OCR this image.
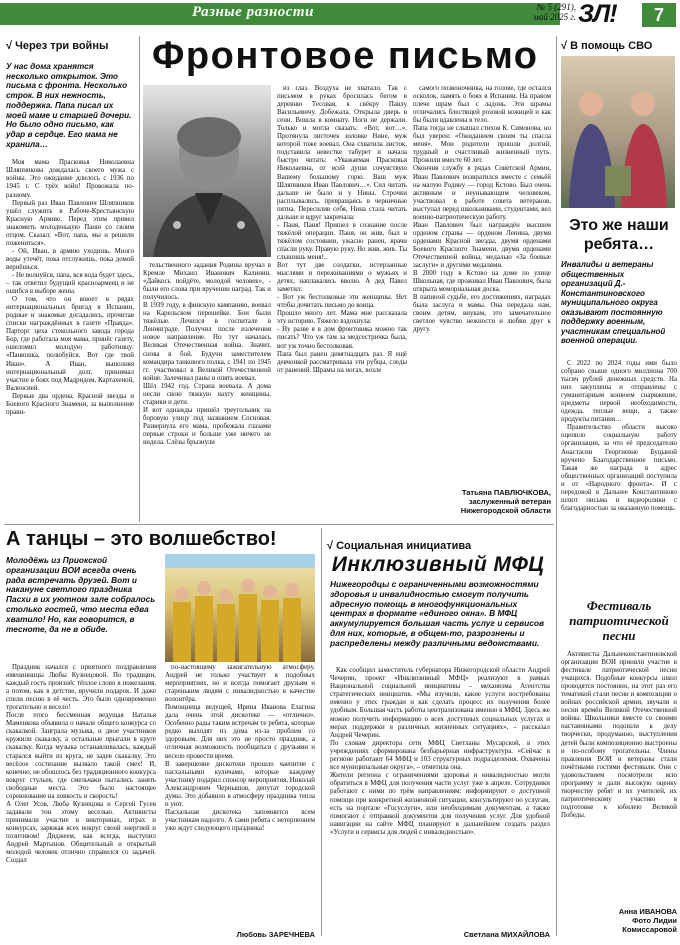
Разные разности	№ 5 (291),
май 2025 г. ЗЛ!	7
√ Через три войны
У нас дома хранятся несколько открыток. Это письма с фронта. Несколько строк. В них нежность, поддержка. Папа писал их моей маме и старшей дочери. Но было одно письмо, как удар в сердце. Его мама не хранила…

Моя мама Прасковья Николаевна Шляпникова дождалась своего мужа с войны. Это ожидание длилось с 1936 по 1945 г. С трёх войн! Провожала по-разному.

Первый раз Иван Павлович Шляпников ушёл служить в Рабоче-Крестьянскую Красную Армию. Перед этим привел знакомить молоденькую Паню со своим отцом. Сказал: «Вот, папа, мы и решили пожениться».

- Ой, Иван, в армию уходишь. Много воды утечёт, пока отслужишь, пока домой вернёшься.

- Не волнуйся, папа, вся вода будет здесь, – так ответил будущий красноармеец и не ошибся в выборе жены.

О том, что он воюет в рядах интернациональных бригад в Испании, родные и знакомые догадались, прочитав списки награждённых в газете «Правда». Парторг цеха стекольного завода города Бор, где работала моя мама, принёс газету, ошеломил молодую работницу: «Панюшка, полюбуйся. Вот где твой Иван». А Иван, выполняя интернациональный долг, принимал участие в боях под Мадридом, Картахеной, Валенсией.

Первые два ордена, Красной звезды и Боевого Красного Знамени, за выполнение прави-

Фронтовое письмо
тельственного задания Родины вручал в Кремле Михаил Иванович Калинин. «Дайкось пойдёте, молодой человек», - были его слова при вручении наград. Так и получилось.
В 1939 году, в финскую кампанию, воевал на Карельском перешейке. Бои были тяжёлые. Лечился в госпитале в Ленинграде. Получил после излечения новое направление. Но тут началась Великая Отечественная война. Значит, снова в бой. Будучи заместителем командира танкового полка, с 1941 по 1945 гг. участвовал в Великой Отечественной войне. Залечивал раны и опять воевал.
Шёл 1942 год. Страна воевала. А дома несли свою тяжкую вахту женщины, старики и дети.
И вот однажды пришёл треугольник на боровую улицу под названием Сосновая. Развернула его мама, пробежала глазами первые строки и больше уже ничего не видела. Слёзы брызнули
из глаз. Воздуха не хватало. Так с письмом в руках бросилась бегом в деревню Тесовая, к свёкру Павлу Васильевичу. Добежала. Открыла дверь в сени. Вошла в комнату. Ноги не держали. Только и могла сказать: «Вот, вот…». Протянула листочек золовке Нине, муж которой тоже воевал. Она схватила листок, подставила невестке табурет и начала быстро читать: «Уважаемая Прасковья Николаевна, от всей души сочувствую Вашему большому горю. Ваш муж Шляпников Иван Павлович…». Сил читать дальше не было и у Нины. Строчки расплывались, превращаясь в черничные пятна. Пересилив себя, Нина стала читать дальше и вдруг закричала:
- Паня, Паня! Пришел в сознание после тяжёлой операции. Паня, он жив, был в тяжёлом состоянии, ужасно ранен, врачи спасли руку. Правую руку. Но жив, жив. Ты слышишь меня!..
Вот тут две солдатки, истерзанные мыслями и переживаниями о мужьях и детях, наплакались вволю. А дед Павел заметил:
- Вот уж бестолковые эти женщины. Нет чтобы дочитать письмо до конца.
Прошло много лет. Мама мне рассказала эту историю. Тяжело вздохнула:
- Ну разве я в дом фронтовика можно так писать? Что уж там за медсестричка была, вот уж точно бестолковая.
Папа был ранен девятнадцать раз. Я ещё девчонкой рассматривала эти рубцы, следы от ранений. Шрамы на ногах, возле
самого позвоночника, на голове, где остался осколок, память о боях в Испании. На правом плече шрам был с ладонь. Эти шрамы отличались блестящей розовой кожицей и как бы были вдавлены в тело.
Папа тогда не слышал стихов К. Симонова, но был уверен: «Ожиданием своим ты спасла меня». Мои родители прошли долгий, трудный и счастливый жизненный путь. Прожили вместе 60 лет.
Окончив службу в рядах Советской Армии, Иван Павлович возвратился вместе с семьёй на малую Родину — город Кстово. Был очень активным и неунывающим человеком, участвовал в работе совета ветеранов, выступал перед школьниками, студентами, вел военно-патриотическую работу.
Иван Павлович был награждён высшим орденом страны — орденом Ленина, двумя орденами Красной звезды, двумя орденами Боевого Красного Знамени, двумя орденами Отечественной войны, медалью «За боевые заслуги» и другими медалями.
В 2000 году в Кстово на доме по улице Школьная, где проживал Иван Павлович, была открыта мемориальная доска.
В папиной судьбе, его достижениях, наградах была заслуга и мамы. Она передала нам, своим детям, внукам, это замечательное светлое чувство нежности и любви друг к другу.
Татьяна ПАВЛЮЧКОВА,
заслуженный ветеран
Нижегородской области
√ В помощь СВО
Это же наши ребята…
Инвалиды и ветераны общественных организаций Д.-Константиновского муниципального округа оказывают постоянную поддержку военным, участникам специальной военной операции.

С 2022 по 2024 годы ими было собрано свыше одного миллиона 700 тысяч рублей денежных средств. На них закуплены и отправлены с гуманитарным конвоем снаряжение, предметы первой необходимости, одежда, теплые вещи, а также продукты питания…

Правительство области высоко оценило социальную работу организации, за что её председателю Анастасии Георгиевне Буцыной вручено Благодарственное письмо. Такая же награда в адрес общественных организаций поступила и от «Народного фронта». И с передовой в Дальнее Константиново шлют письма и видеоролики с благодарностью за оказанную помощь.

Фестиваль патриотической песни

Активисты Дальнеконстантиновской организации ВОИ приняли участие в фестивале патриотической песни учащихся. Подобные конкурсы школ проводятся постоянно, на этот раз его тематикой стали песни и композиции о войнах российской армии, звучали и песни времён Великой Отечественной войны. Школьники вместе со своими наставниками подошли к делу творчески, продуманно, выступления детей были композиционно выстроены и по-особому трогательны. Члены правления ВОИ и ветераны стали почётными гостями фестиваля. Они с удовольствием посмотрели всю программу и дали высокую оценку творчеству ребят и их учителей, их патриотическому участию в подготовке к юбилею Великой Победы.

Анна ИВАНОВА
Фото Лидии
Комиссаровой
А танцы – это волшебство!
Молодёжь из Приокской организации ВОИ всегда очень рада встречать друзей. Вот и накануне светлого праздника Пасхи в их уютном зале собралось столько гостей, что места едва хватило! Но, как говорится, в тесноте, да не в обиде.
Праздник начался с приятного поздравления именинницы Любы Кузнецовой. По традиции, каждый гость произнёс тёплое слово в пожелания, а потом, как в детстве, вручили подарок. И даже спели песню в её честь. Это было одновременно трогательно и весело!
После этого бессменная ведущая Наталья Маменкова объявила о начале общего конкурса со скакалкой. Заиграла музыка, и двое участников кружили скакалку, а остальные прыгали в круге скакалку. Когда музыка останавливалась, каждый старался выйти из круга, не задев скакалку. Это весёлое состязание вызвало такой смех! И, конечно, не обошлось без традиционного конкурса вокруг стульев, где смельчаки пытались занять свободные места. Это было настоящее соревнование на ловкость и скорость!
А Олег Усов, Люба Кузнецова и Сергей Гусев задавали тон этому веселью. Активисты принимали участие в викторинах, играх и конкурсах, заряжая всех вокруг своей энергией и позитивом! Диджеем, как всегда, выступил Андрей Мартынов. Общительный и открытый молодой человек отлично справился со задачей. Создал
по-настоящему зажигательную атмосферу. Андрей не только участвует в подобных мероприятиях, но и всегда помогает друзьям и стареньким людям с инвалидностью в качестве волонтёра.
Помощница ведущей, Ирина Иванова Елагина дала очень этой дискотеке — «отлично». Особенно рады таким встречам те ребята, которые редко выходят из дома из-за проблем со здоровьем. Для них это не просто праздник, а отличная возможность пообщаться с друзьями и весело провести время.
В завершение дискотеки прошло чаепитие с пасхальными куличами, которые каждому участнику подарил спонсор мероприятия, Николай Александрович Чернышов, депутат городской думы. Это добавило в атмосферу праздника тепла и уют.
Пасхальная дискотека запомнится всем участникам надолго. А сами ребята с нетерпением уже ждут следующего праздника!
Любовь ЗАРЕЧНЕВА
√ Социальная инициатива
Инклюзивный МФЦ
Нижегородцы с ограниченными возможностями здоровья и инвалидностью смогут получить адресную помощь в многофункциональных центрах в формате «единого окна». В МФЦ аккумулируется большая часть услуг и сервисов для них, которые, в общем-то, разрознены и распределены между различными ведомствами.
Как сообщил заместитель губернатора Нижегородской области Андрей Чечерин, проект «Инклюзивный МФЦ» реализуют в рамках Национальной социальной инициативы – механизма Агентства стратегических инициатив. «Мы изучили, какие услуги востребованы именно у этих граждан и как сделать процесс их получения более удобным. Большая часть работы централизована именно в МФЦ. Здесь же можно получить информацию о всех доступных социальных услугах и мерах поддержки в различных жизненных ситуациях», – рассказал Андрей Чечерин.
По словам директора сети МФЦ Светланы Мусарской, в этих учреждениях сформирована безбарьерная инфраструктура. «Сейчас в регионе работают 64 МФЦ и 103 структурных подразделения. Охвачены все муниципальные округа», – отметила она.
Жители региона с ограничениями здоровья и инвалидностью могли обратиться в МФЦ для получения части услуг уже в апреле. Сотрудники работают с ними по трём направлениям: информируют о доступной помощи при конкретной жизненной ситуации, консультируют по услугам, есть на портале «Госуслуги», или необходимым документам, а также помогают с отправкой документов для получения услуг. Для удобной навигации на сайте МФЦ планируют в дальнейшем создать раздел «Услуги и сервисы для людей с инвалидностью».
Светлана МИХАЙЛОВА
